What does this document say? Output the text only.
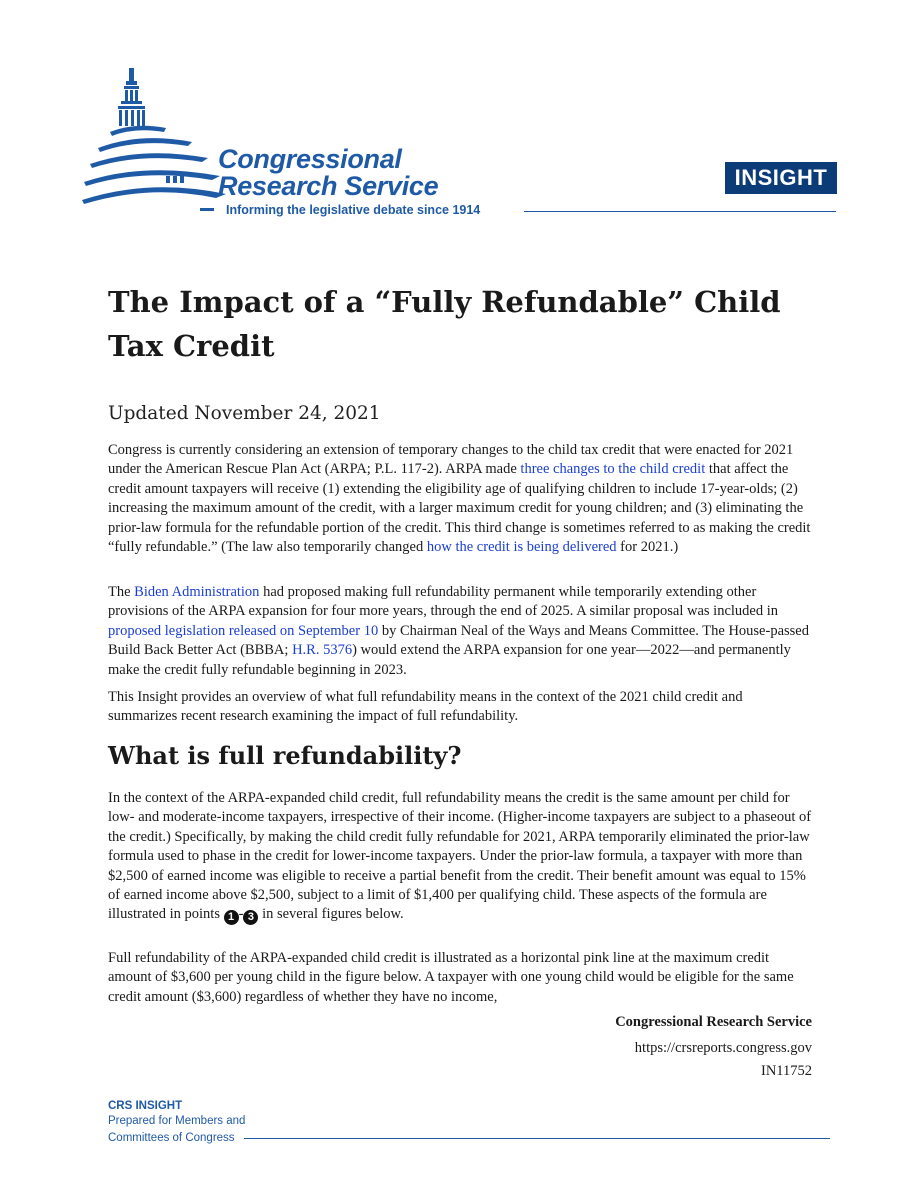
Congressional
Research Service
Informing the legislative debate since 1914
INSIGHT
The Impact of a “Fully Refundable” Child Tax Credit

Updated November 24, 2021

Congress is currently considering an extension of temporary changes to the child tax credit that were enacted for 2021 under the American Rescue Plan Act (ARPA; P.L. 117-2). ARPA made three changes to the child credit that affect the credit amount taxpayers will receive (1) extending the eligibility age of qualifying children to include 17-year-olds; (2) increasing the maximum amount of the credit, with a larger maximum credit for young children; and (3) eliminating the prior-law formula for the refundable portion of the credit. This third change is sometimes referred to as making the credit “fully refundable.” (The law also temporarily changed how the credit is being delivered for 2021.)

The Biden Administration had proposed making full refundability permanent while temporarily extending other provisions of the ARPA expansion for four more years, through the end of 2025. A similar proposal was included in proposed legislation released on September 10 by Chairman Neal of the Ways and Means Committee. The House-passed Build Back Better Act (BBBA; H.R. 5376) would extend the ARPA expansion for one year—2022—and permanently make the credit fully refundable beginning in 2023.

This Insight provides an overview of what full refundability means in the context of the 2021 child credit and summarizes recent research examining the impact of full refundability.

What is full refundability?

In the context of the ARPA-expanded child credit, full refundability means the credit is the same amount per child for low- and moderate-income taxpayers, irrespective of their income. (Higher-income taxpayers are subject to a phaseout of the credit.) Specifically, by making the child credit fully refundable for 2021, ARPA temporarily eliminated the prior-law formula used to phase in the credit for lower-income taxpayers. Under the prior-law formula, a taxpayer with more than $2,500 of earned income was eligible to receive a partial benefit from the credit. Their benefit amount was equal to 15% of earned income above $2,500, subject to a limit of $1,400 per qualifying child. These aspects of the formula are illustrated in points 1 - 3 in several figures below.

Full refundability of the ARPA-expanded child credit is illustrated as a horizontal pink line at the maximum credit amount of $3,600 per young child in the figure below. A taxpayer with one young child would be eligible for the same credit amount ($3,600) regardless of whether they have no income,

Congressional Research Service

https://crsreports.congress.gov

IN11752

CRS INSIGHT
Prepared for Members and
Committees of Congress
